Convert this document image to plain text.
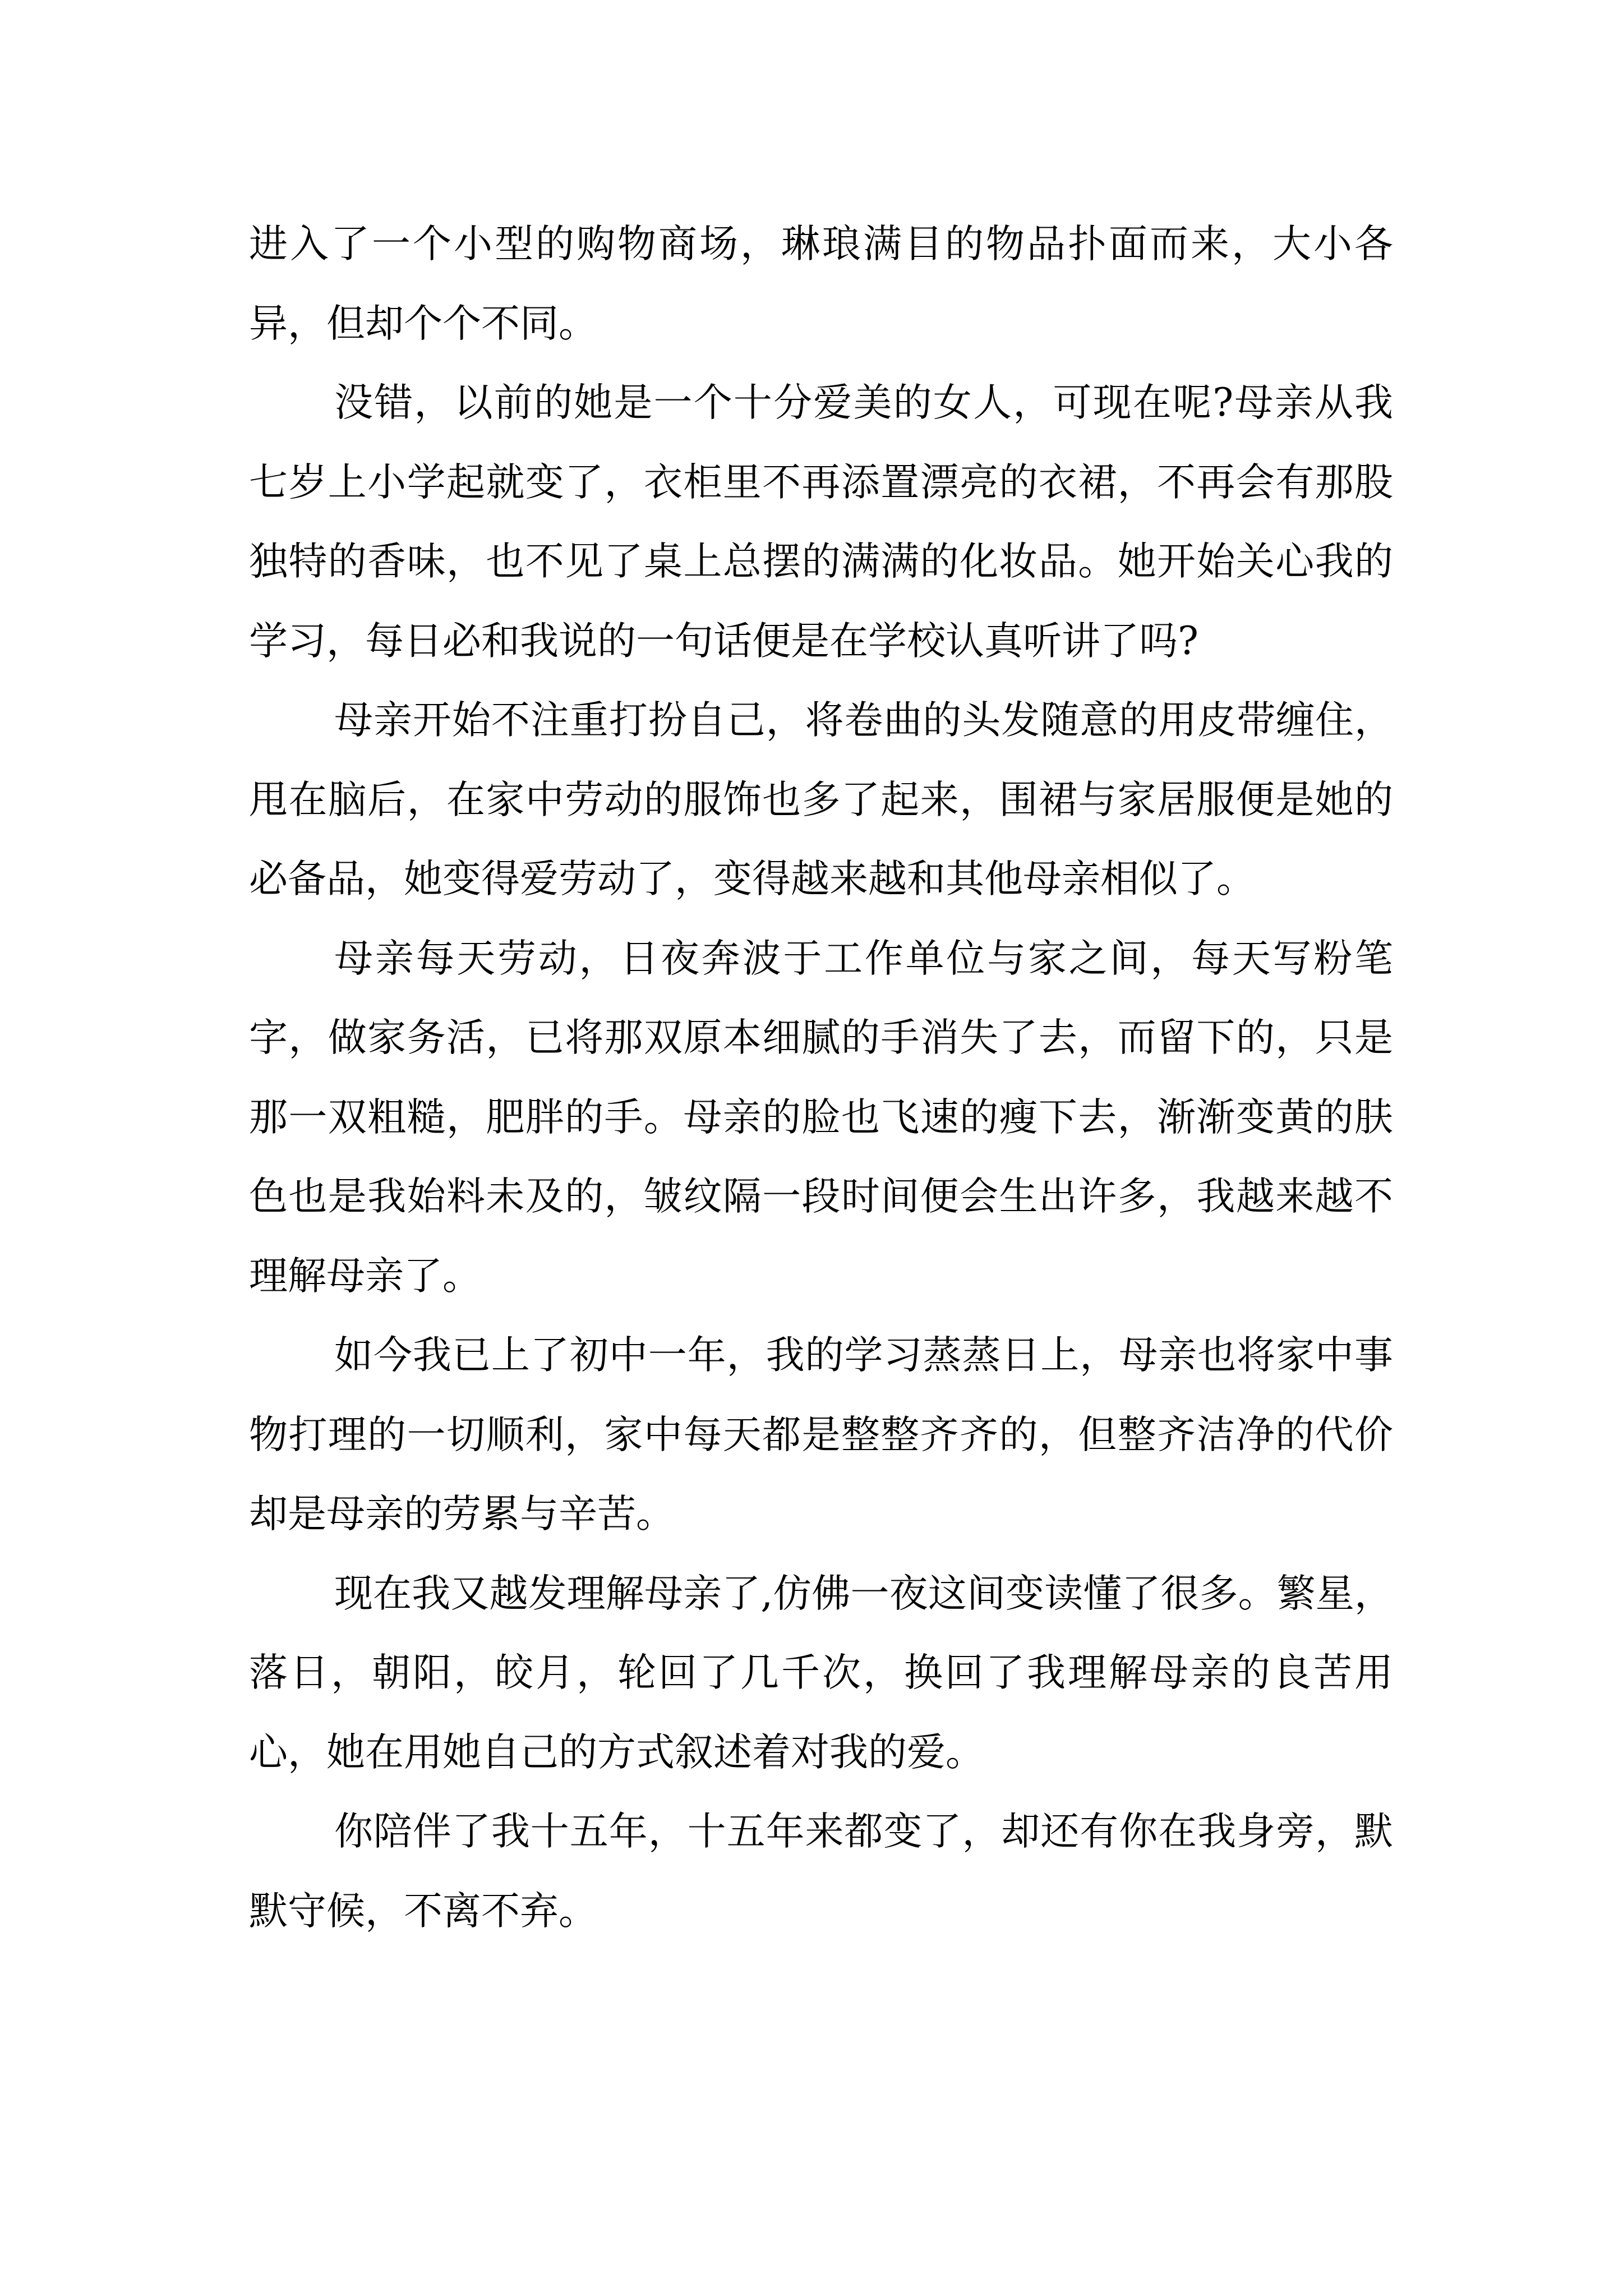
进入了一个小型的购物商场，琳琅满目的物品扑面而来，大小各异，但却个个不同。

没错，以前的她是一个十分爱美的女人，可现在呢?母亲从我七岁上小学起就变了，衣柜里不再添置漂亮的衣裙，不再会有那股独特的香味，也不见了桌上总摆的满满的化妆品。她开始关心我的学习，每日必和我说的一句话便是在学校认真听讲了吗?

母亲开始不注重打扮自己，将卷曲的头发随意的用皮带缠住，甩在脑后，在家中劳动的服饰也多了起来，围裙与家居服便是她的必备品，她变得爱劳动了，变得越来越和其他母亲相似了。

母亲每天劳动，日夜奔波于工作单位与家之间，每天写粉笔字，做家务活，已将那双原本细腻的手消失了去，而留下的，只是那一双粗糙，肥胖的手。母亲的脸也飞速的瘦下去，渐渐变黄的肤色也是我始料未及的，皱纹隔一段时间便会生出许多，我越来越不理解母亲了。

如今我已上了初中一年，我的学习蒸蒸日上，母亲也将家中事物打理的一切顺利，家中每天都是整整齐齐的，但整齐洁净的代价却是母亲的劳累与辛苦。

现在我又越发理解母亲了,仿佛一夜这间变读懂了很多。繁星，落日，朝阳，皎月，轮回了几千次，换回了我理解母亲的良苦用心，她在用她自己的方式叙述着对我的爱。

你陪伴了我十五年，十五年来都变了，却还有你在我身旁，默默守候，不离不弃。
